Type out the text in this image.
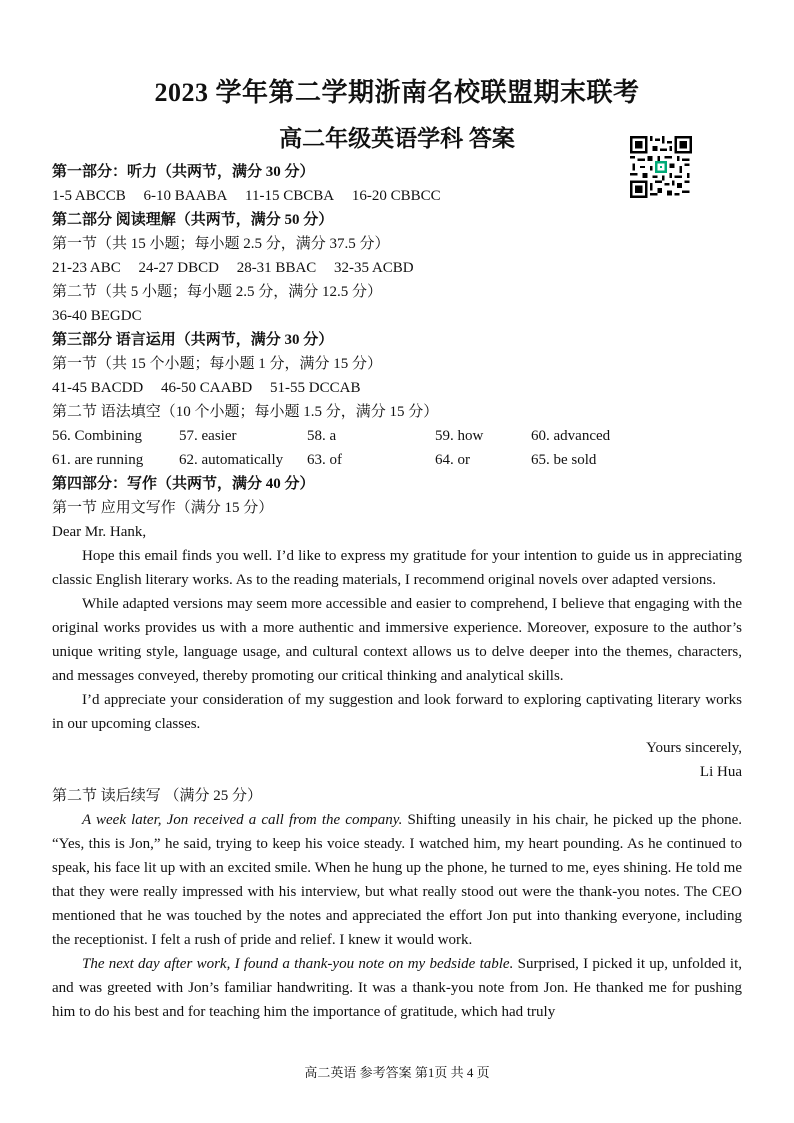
2023 学年第二学期浙南名校联盟期末联考
高二年级英语学科 答案
第一部分：听力（共两节，满分 30 分）
1-5 ABCCB 6-10 BAABA 11-15 CBCBA 16-20 CBBCC
第二部分 阅读理解（共两节，满分 50 分）
第一节（共 15 小题；每小题 2.5 分，满分 37.5 分）
21-23 ABC 24-27 DBCD 28-31 BBAC 32-35 ACBD
第二节（共 5 小题；每小题 2.5 分，满分 12.5 分）
36-40 BEGDC
第三部分 语言运用（共两节，满分 30 分）
第一节（共 15 个小题；每小题 1 分，满分 15 分）
41-45 BACDD 46-50 CAABD 51-55 DCCAB
第二节 语法填空（10 个小题；每小题 1.5 分，满分 15 分）
56. Combining	57. easier	58. a	59. how	60. advanced
61. are running	62. automatically	63. of	64. or	65. be sold
第四部分：写作（共两节，满分 40 分）
第一节 应用文写作（满分 15 分）
Dear Mr. Hank,
Hope this email finds you well. I’d like to express my gratitude for your intention to guide us in appreciating classic English literary works. As to the reading materials, I recommend original novels over adapted versions.
While adapted versions may seem more accessible and easier to comprehend, I believe that engaging with the original works provides us with a more authentic and immersive experience. Moreover, exposure to the author’s unique writing style, language usage, and cultural context allows us to delve deeper into the themes, characters, and messages conveyed, thereby promoting our critical thinking and analytical skills.
I’d appreciate your consideration of my suggestion and look forward to exploring captivating literary works in our upcoming classes.
Yours sincerely,
Li Hua
第二节 读后续写 （满分 25 分）
A week later, Jon received a call from the company. Shifting uneasily in his chair, he picked up the phone. “Yes, this is Jon,” he said, trying to keep his voice steady. I watched him, my heart pounding. As he continued to speak, his face lit up with an excited smile. When he hung up the phone, he turned to me, eyes shining. He told me that they were really impressed with his interview, but what really stood out were the thank-you notes. The CEO mentioned that he was touched by the notes and appreciated the effort Jon put into thanking everyone, including the receptionist. I felt a rush of pride and relief. I knew it would work.
The next day after work, I found a thank-you note on my bedside table. Surprised, I picked it up, unfolded it, and was greeted with Jon’s familiar handwriting. It was a thank-you note from Jon. He thanked me for pushing him to do his best and for teaching him the importance of gratitude, which had truly
高二英语 参考答案 第1页 共 4 页
